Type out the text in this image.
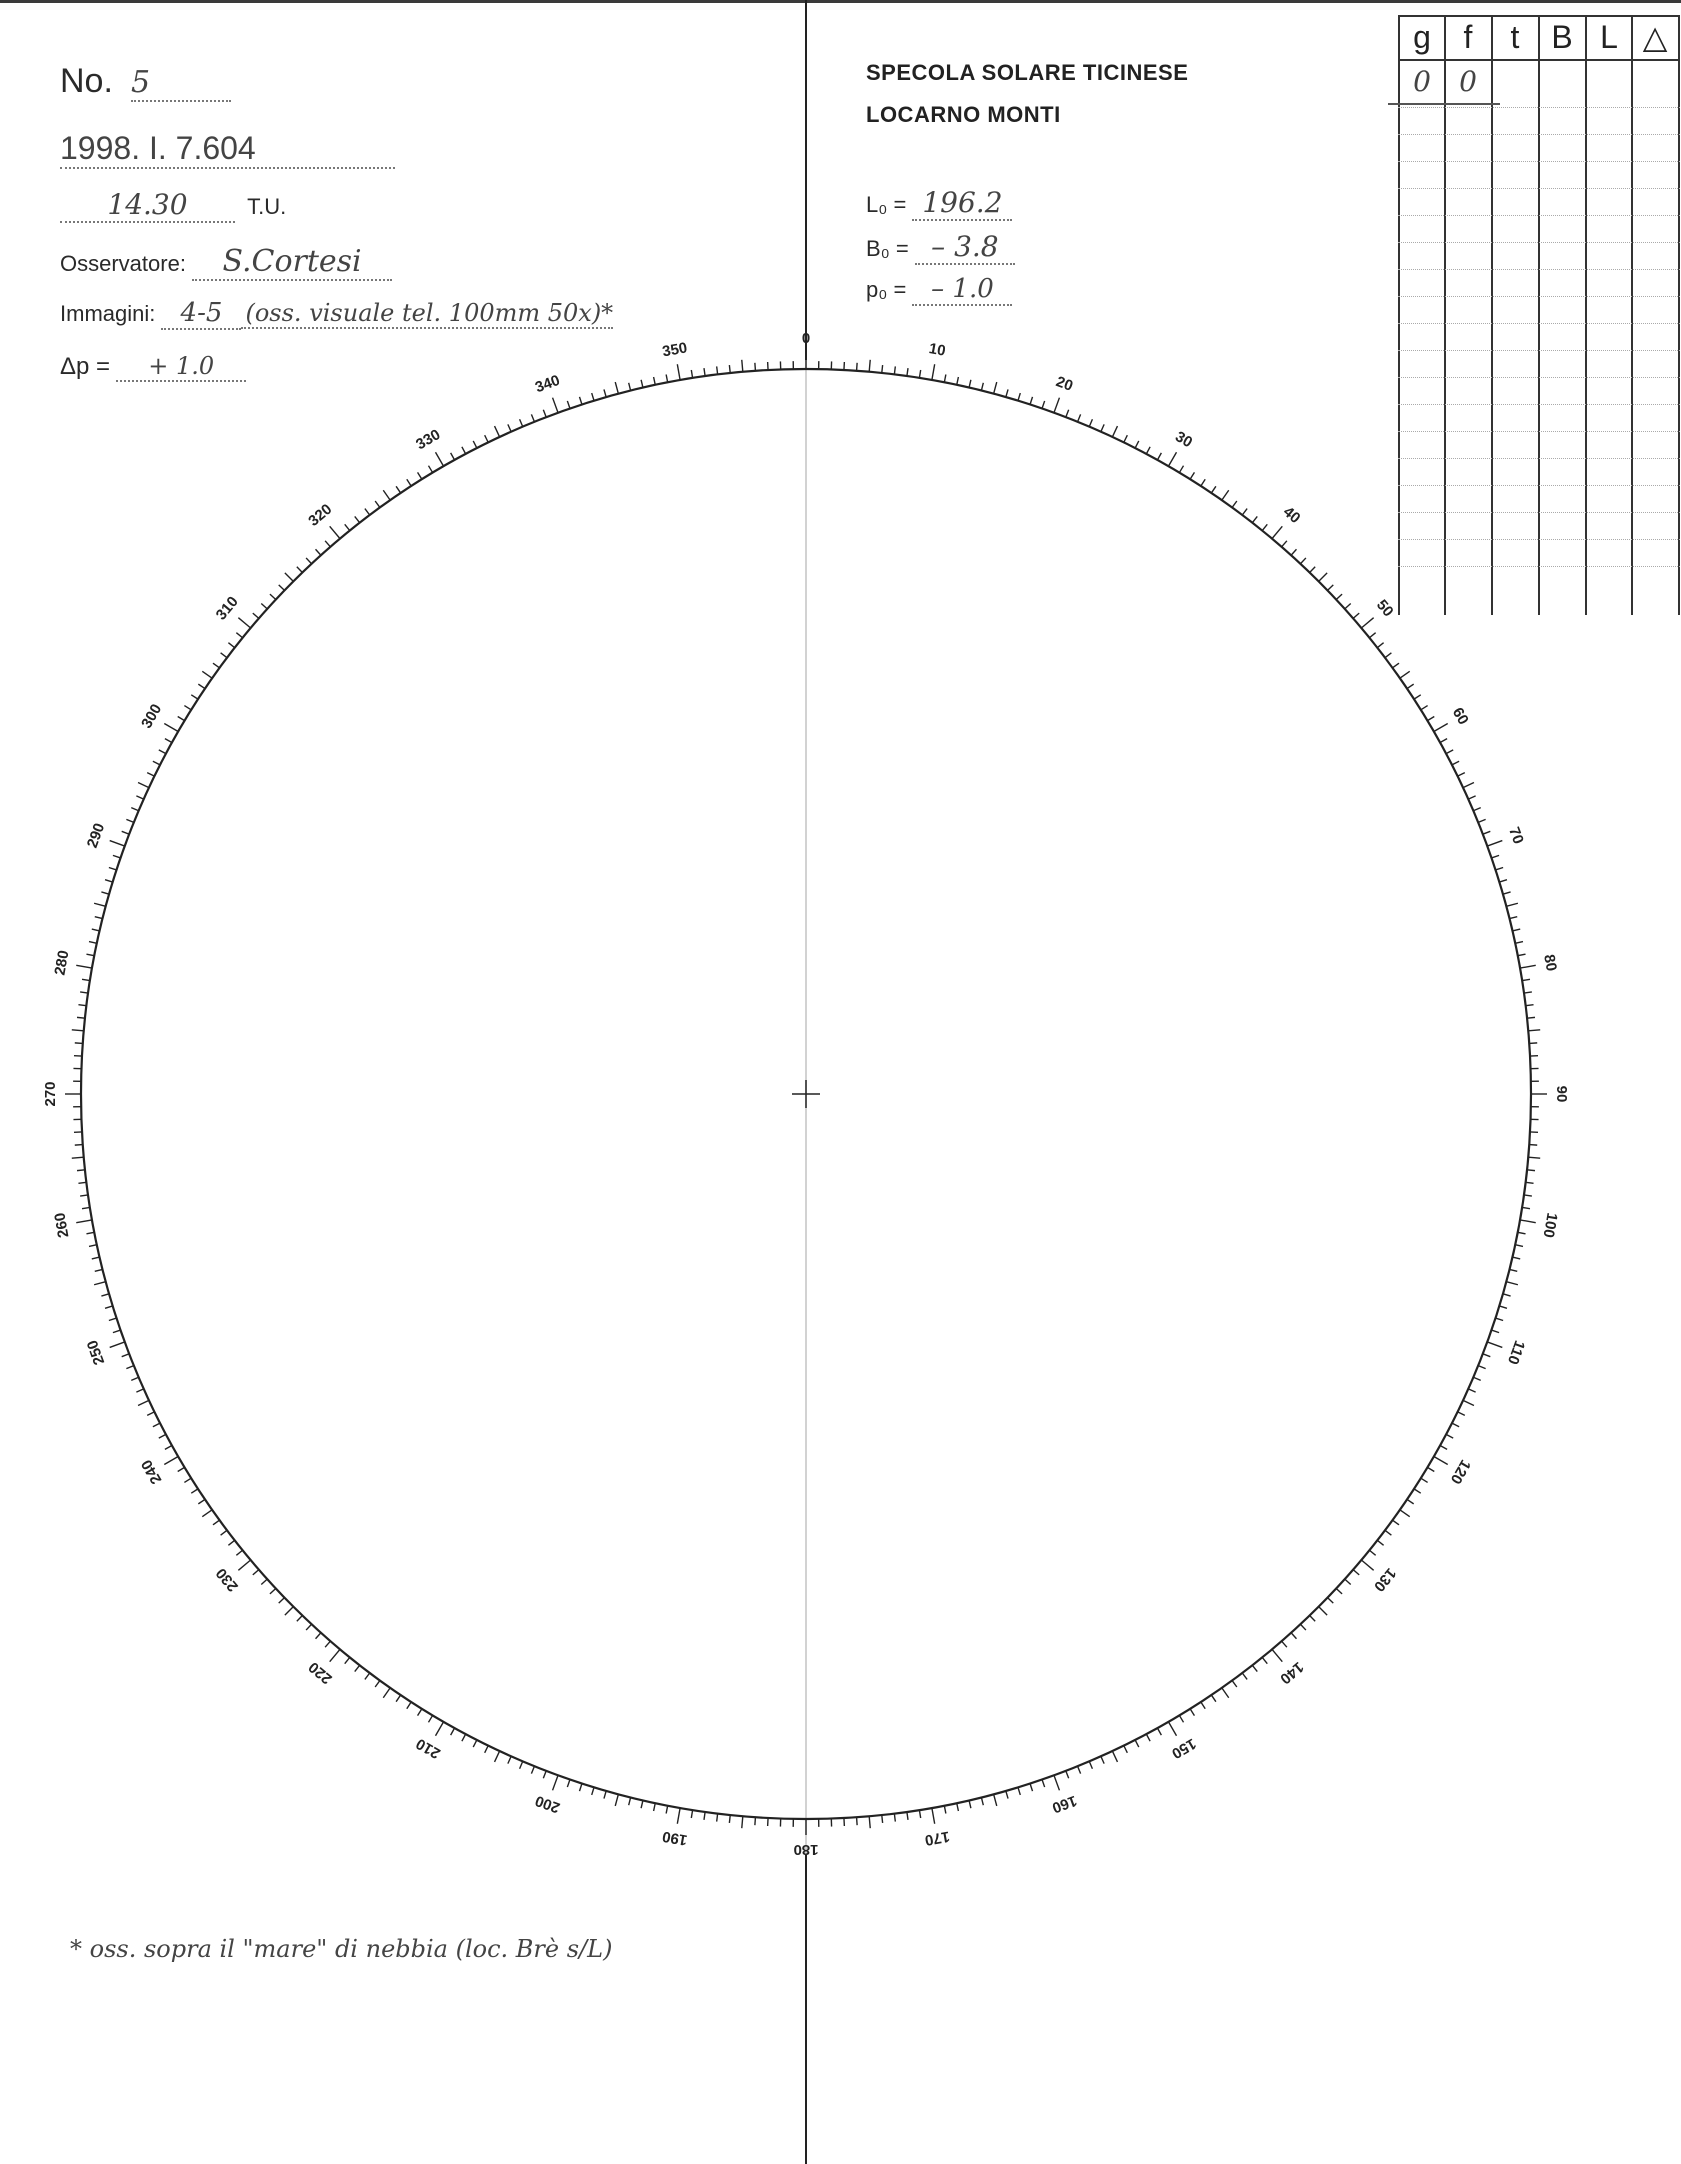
No. 5
1998. I. 7.604
14.30	T.U.
Osservatore: S.Cortesi
Immagini: 4-5 (oss. visuale tel. 100mm 50x)*
Δp = + 1.0
SPECOLA SOLARE TICINESE
LOCARNO MONTI
L₀ = 196.2
B₀ = – 3.8
p₀ = – 1.0
g	f	t B L △
0	0
0
10
20
30
40
50
60
70
80
90
100
110
120
130
140
150
160
170
180
190
200
210
220
230
240
250
260
270
280
290
300
310
320
330
340
350
* oss. sopra il "mare" di nebbia (loc. Brè s/L)
